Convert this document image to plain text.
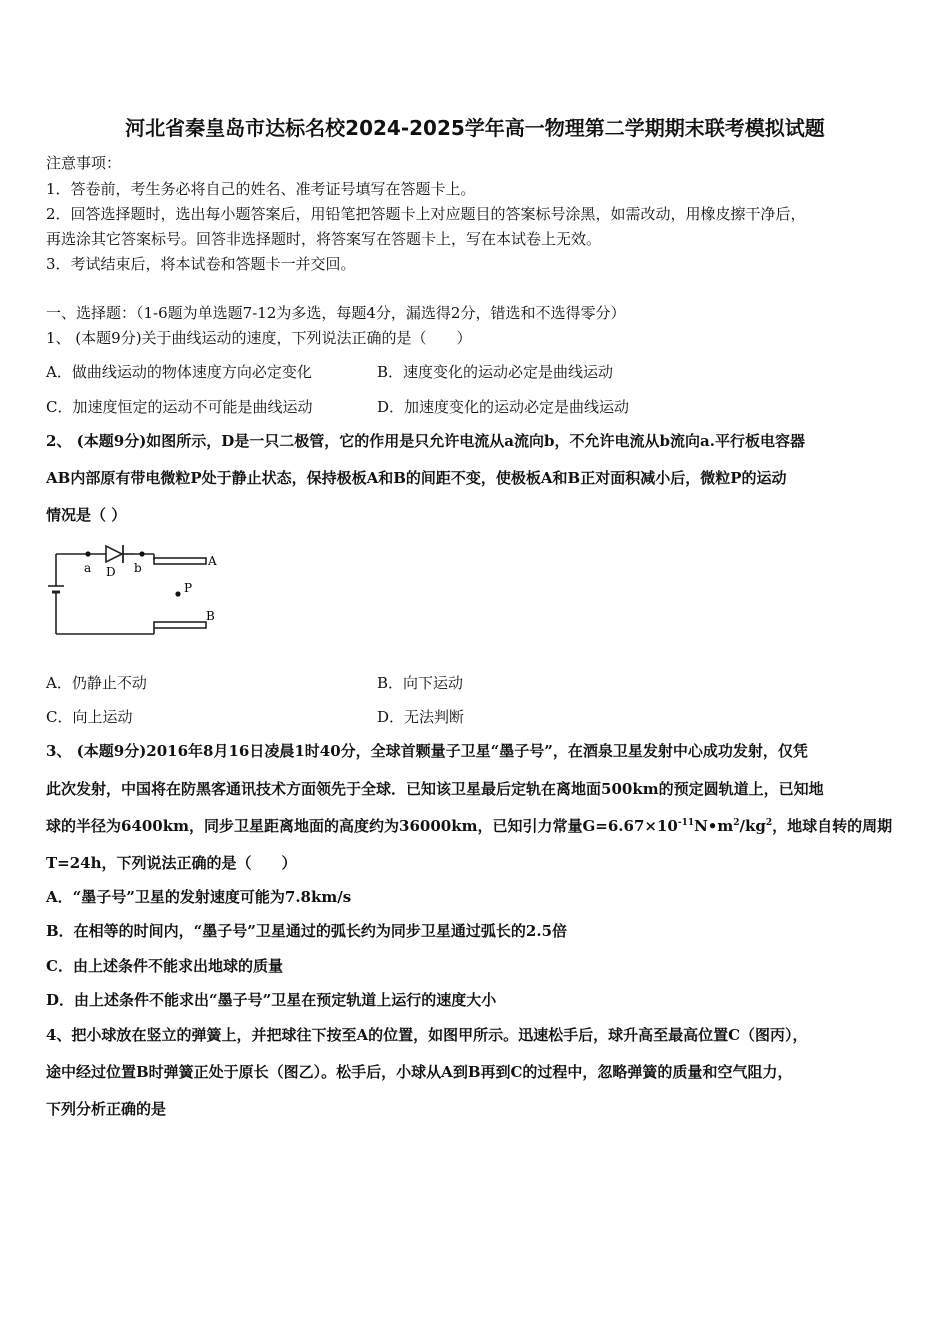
河北省秦皇岛市达标名校2024-2025学年高一物理第二学期期末联考模拟试题
注意事项：
1．答卷前，考生务必将自己的姓名、准考证号填写在答题卡上。
2．回答选择题时，选出每小题答案后，用铅笔把答题卡上对应题目的答案标号涂黑，如需改动，用橡皮擦干净后，
再选涂其它答案标号。回答非选择题时，将答案写在答题卡上，写在本试卷上无效。
3．考试结束后，将本试卷和答题卡一并交回。
一、选择题：（1-6题为单选题7-12为多选，每题4分，漏选得2分，错选和不选得零分）
1、 (本题9分)关于曲线运动的速度，下列说法正确的是（　　）
A．做曲线运动的物体速度方向必定变化	B．速度变化的运动必定是曲线运动
C．加速度恒定的运动不可能是曲线运动	D．加速度变化的运动必定是曲线运动
2、 (本题9分)如图所示，D是一只二极管，它的作用是只允许电流从a流向b，不允许电流从b流向a.平行板电容器
AB内部原有带电微粒P处于静止状态，保持极板A和B的间距不变，使极板A和B正对面积减小后，微粒P的运动
情况是（ ）
a D b	A
P
B
A．仍静止不动	B．向下运动
C．向上运动	D．无法判断
3、 (本题9分)2016年8月16日凌晨1时40分，全球首颗量子卫星“墨子号”，在酒泉卫星发射中心成功发射，仅凭
此次发射，中国将在防黑客通讯技术方面领先于全球．已知该卫星最后定轨在离地面500km的预定圆轨道上，已知地
球的半径为6400km，同步卫星距离地面的高度约为36000km，已知引力常量$G=6.67\times 10^{-11}N•m^2/kg^2$，地球自转的周期
T=24h，下列说法正确的是（　　）
A．“墨子号”卫星的发射速度可能为7.8km/s
B．在相等的时间内，“墨子号”卫星通过的弧长约为同步卫星通过弧长的2.5倍
C．由上述条件不能求出地球的质量
D．由上述条件不能求出“墨子号”卫星在预定轨道上运行的速度大小
4、把小球放在竖立的弹簧上，并把球往下按至A的位置，如图甲所示。迅速松手后，球升高至最高位置C（图丙），
途中经过位置B时弹簧正处于原长（图乙）。松手后，小球从A到B再到C的过程中，忽略弹簧的质量和空气阻力，
下列分析正确的是
